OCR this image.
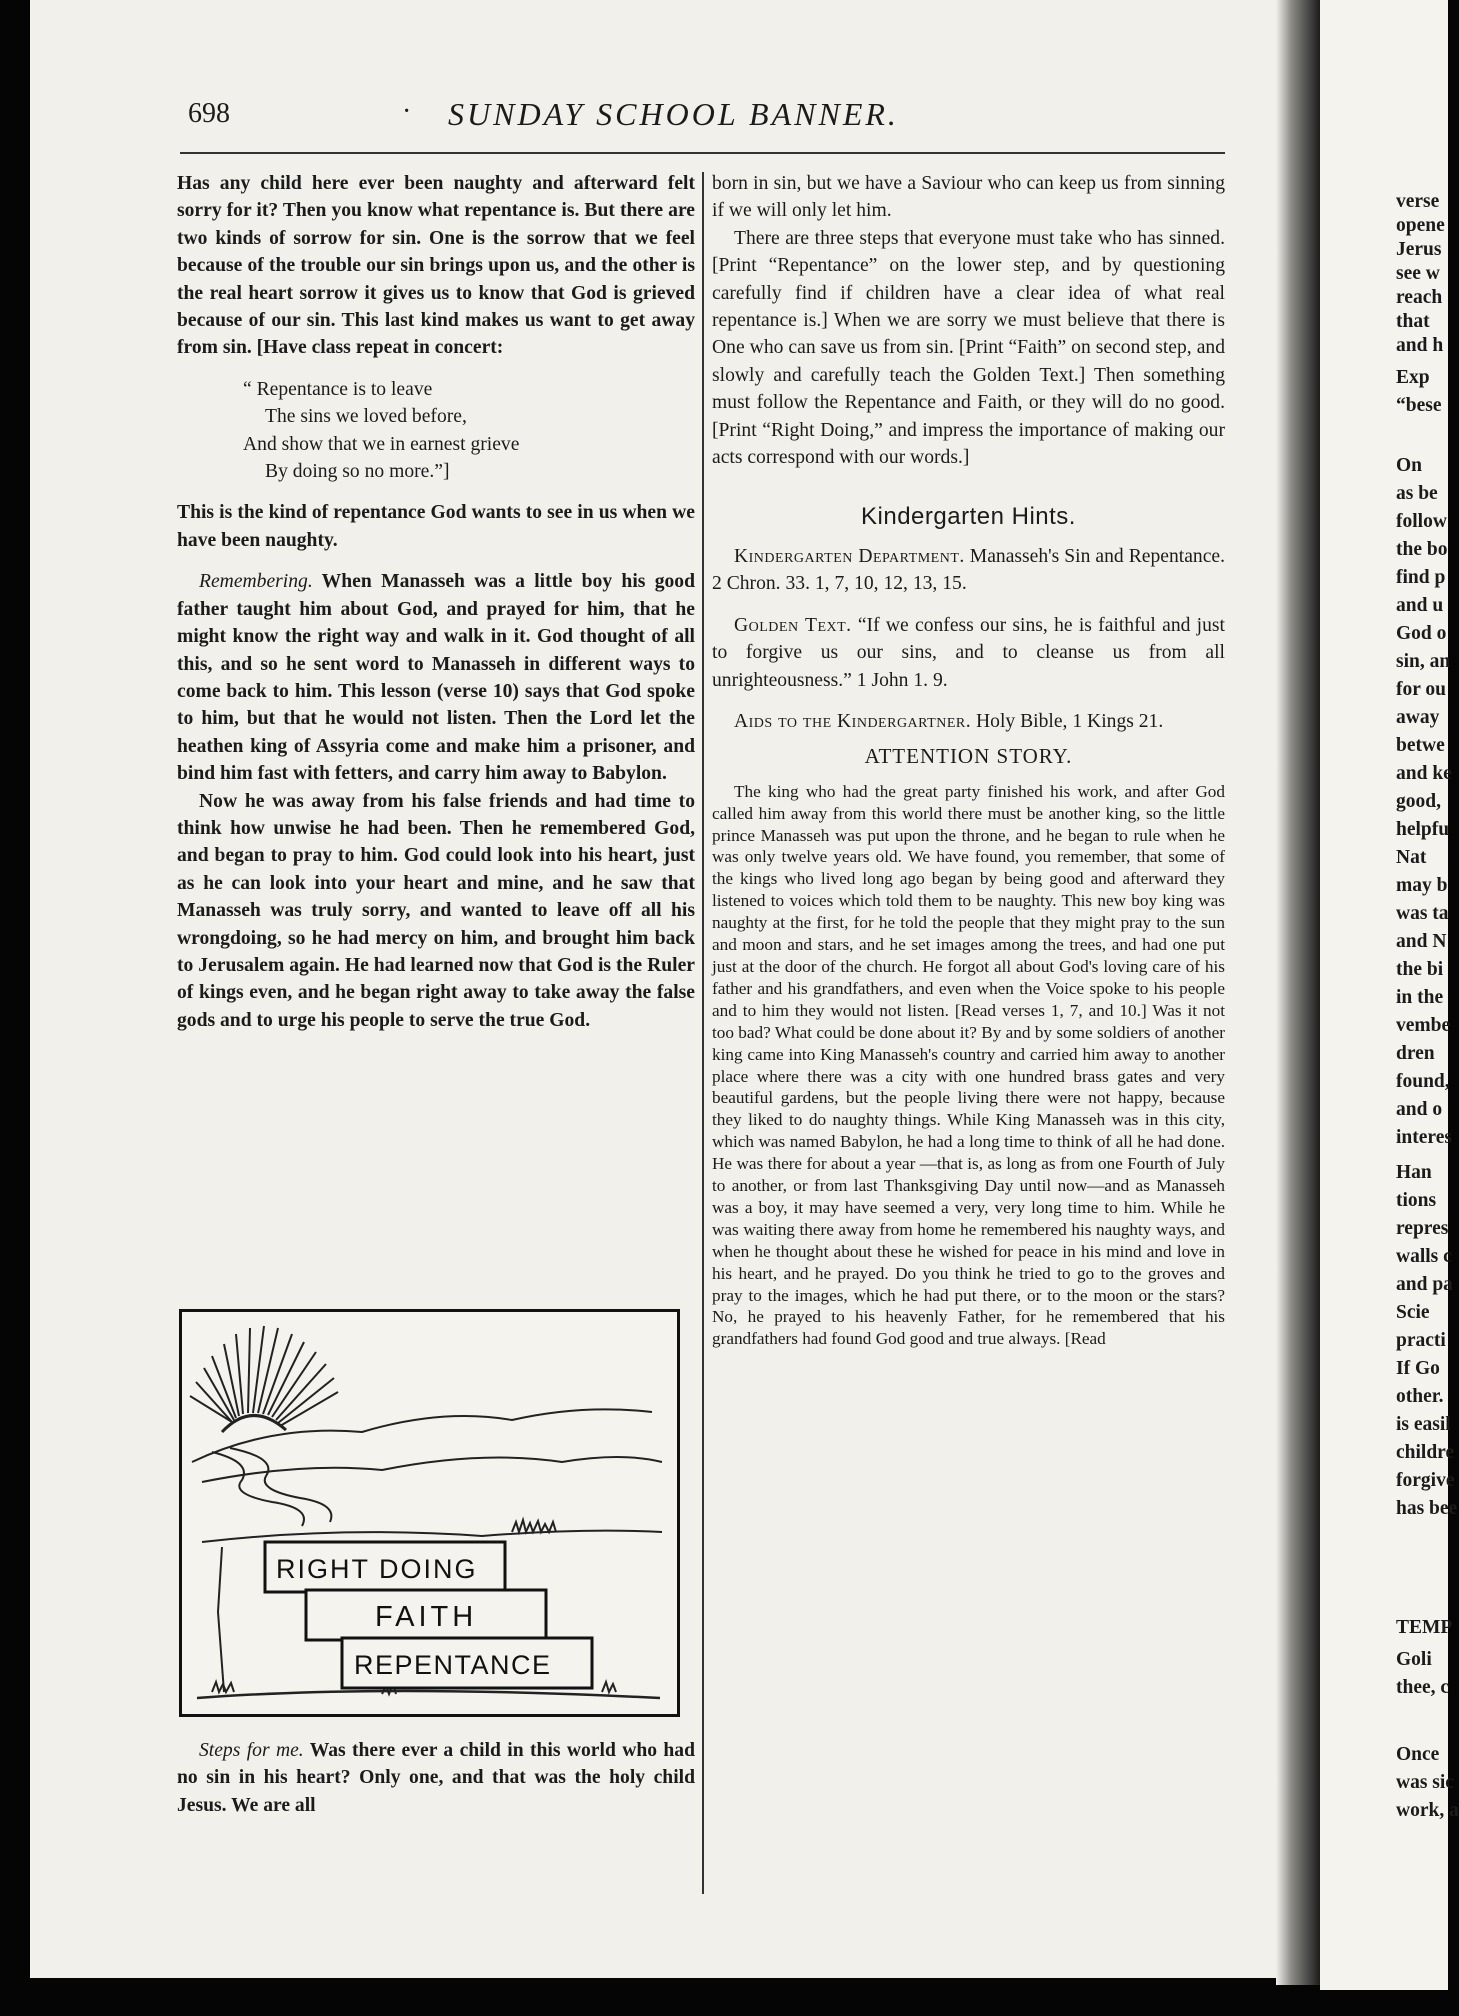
698	· SUNDAY SCHOOL BANNER.

Has any child here ever been naughty and afterward felt sorry for it? Then you know what repentance is. But there are two kinds of sorrow for sin. One is the sorrow that we feel because of the trouble our sin brings upon us, and the other is the real heart sorrow it gives us to know that God is grieved because of our sin. This last kind makes us want to get away from sin. [Have class repeat in concert:

“ Repentance is to leave
The sins we loved before,
And show that we in earnest grieve
By doing so no more.”]

This is the kind of repentance God wants to see in us when we have been naughty.

Remembering. When Manasseh was a little boy his good father taught him about God, and prayed for him, that he might know the right way and walk in it. God thought of all this, and so he sent word to Manasseh in different ways to come back to him. This lesson (verse 10) says that God spoke to him, but that he would not listen. Then the Lord let the heathen king of Assyria come and make him a prisoner, and bind him fast with fetters, and carry him away to Babylon.

Now he was away from his false friends and had time to think how unwise he had been. Then he remembered God, and began to pray to him. God could look into his heart, just as he can look into your heart and mine, and he saw that Manasseh was truly sorry, and wanted to leave off all his wrongdoing, so he had mercy on him, and brought him back to Jerusalem again. He had learned now that God is the Ruler of kings even, and he began right away to take away the false gods and to urge his people to serve the true God.

RIGHT DOING
FAITH
REPENTANCE

Steps for me. Was there ever a child in this world who had no sin in his heart? Only one, and that was the holy child Jesus. We are all

born in sin, but we have a Saviour who can keep us from sinning if we will only let him.

There are three steps that everyone must take who has sinned. [Print “Repentance” on the lower step, and by questioning carefully find if children have a clear idea of what real repentance is.] When we are sorry we must believe that there is One who can save us from sin. [Print “Faith” on second step, and slowly and carefully teach the Golden Text.] Then something must follow the Repentance and Faith, or they will do no good. [Print “Right Doing,” and impress the importance of making our acts correspond with our words.]

Kindergarten Hints.

Kindergarten Department. Manasseh's Sin and Repentance. 2 Chron. 33. 1, 7, 10, 12, 13, 15.

Golden Text. “If we confess our sins, he is faithful and just to forgive us our sins, and to cleanse us from all unrighteousness.” 1 John 1. 9.

Aids to the Kindergartner. Holy Bible, 1 Kings 21.

ATTENTION STORY.

The king who had the great party finished his work, and after God called him away from this world there must be another king, so the little prince Manasseh was put upon the throne, and he began to rule when he was only twelve years old. We have found, you remember, that some of the kings who lived long ago began by being good and afterward they listened to voices which told them to be naughty. This new boy king was naughty at the first, for he told the people that they might pray to the sun and moon and stars, and he set images among the trees, and had one put just at the door of the church. He forgot all about God's loving care of his father and his grandfathers, and even when the Voice spoke to his people and to him they would not listen. [Read verses 1, 7, and 10.] Was it not too bad? What could be done about it? By and by some soldiers of another king came into King Manasseh's country and carried him away to another place where there was a city with one hundred brass gates and very beautiful gardens, but the people living there were not happy, because they liked to do naughty things. While King Manasseh was in this city, which was named Babylon, he had a long time to think of all he had done. He was there for about a year —that is, as long as from one Fourth of July to another, or from last Thanksgiving Day until now—and as Manasseh was a boy, it may have seemed a very, very long time to him. While he was waiting there away from home he remembered his naughty ways, and when he thought about these he wished for peace in his mind and love in his heart, and he prayed. Do you think he tried to go to the groves and pray to the images, which he had put there, or to the moon or the stars? No, he prayed to his heavenly Father, for he remembered that his grandfathers had found God good and true always. [Read

verse
opene
Jerus
see w
reach
that
and h
Exp
“bese
On
as be
follow
the bo
find p
and u
God o
sin, an
for ou
away
betwe
and ke
good,
helpfu
Nat
may b
was ta
and N
the bi
in the
vembe
dren
found,
and o
interes
Han
tions
repres
walls c
and pa
Scie
practi
If Go
other.
is easil
childre
forgive
has bee
TEMP
Goli
thee, c
Once
was sic
work, a
